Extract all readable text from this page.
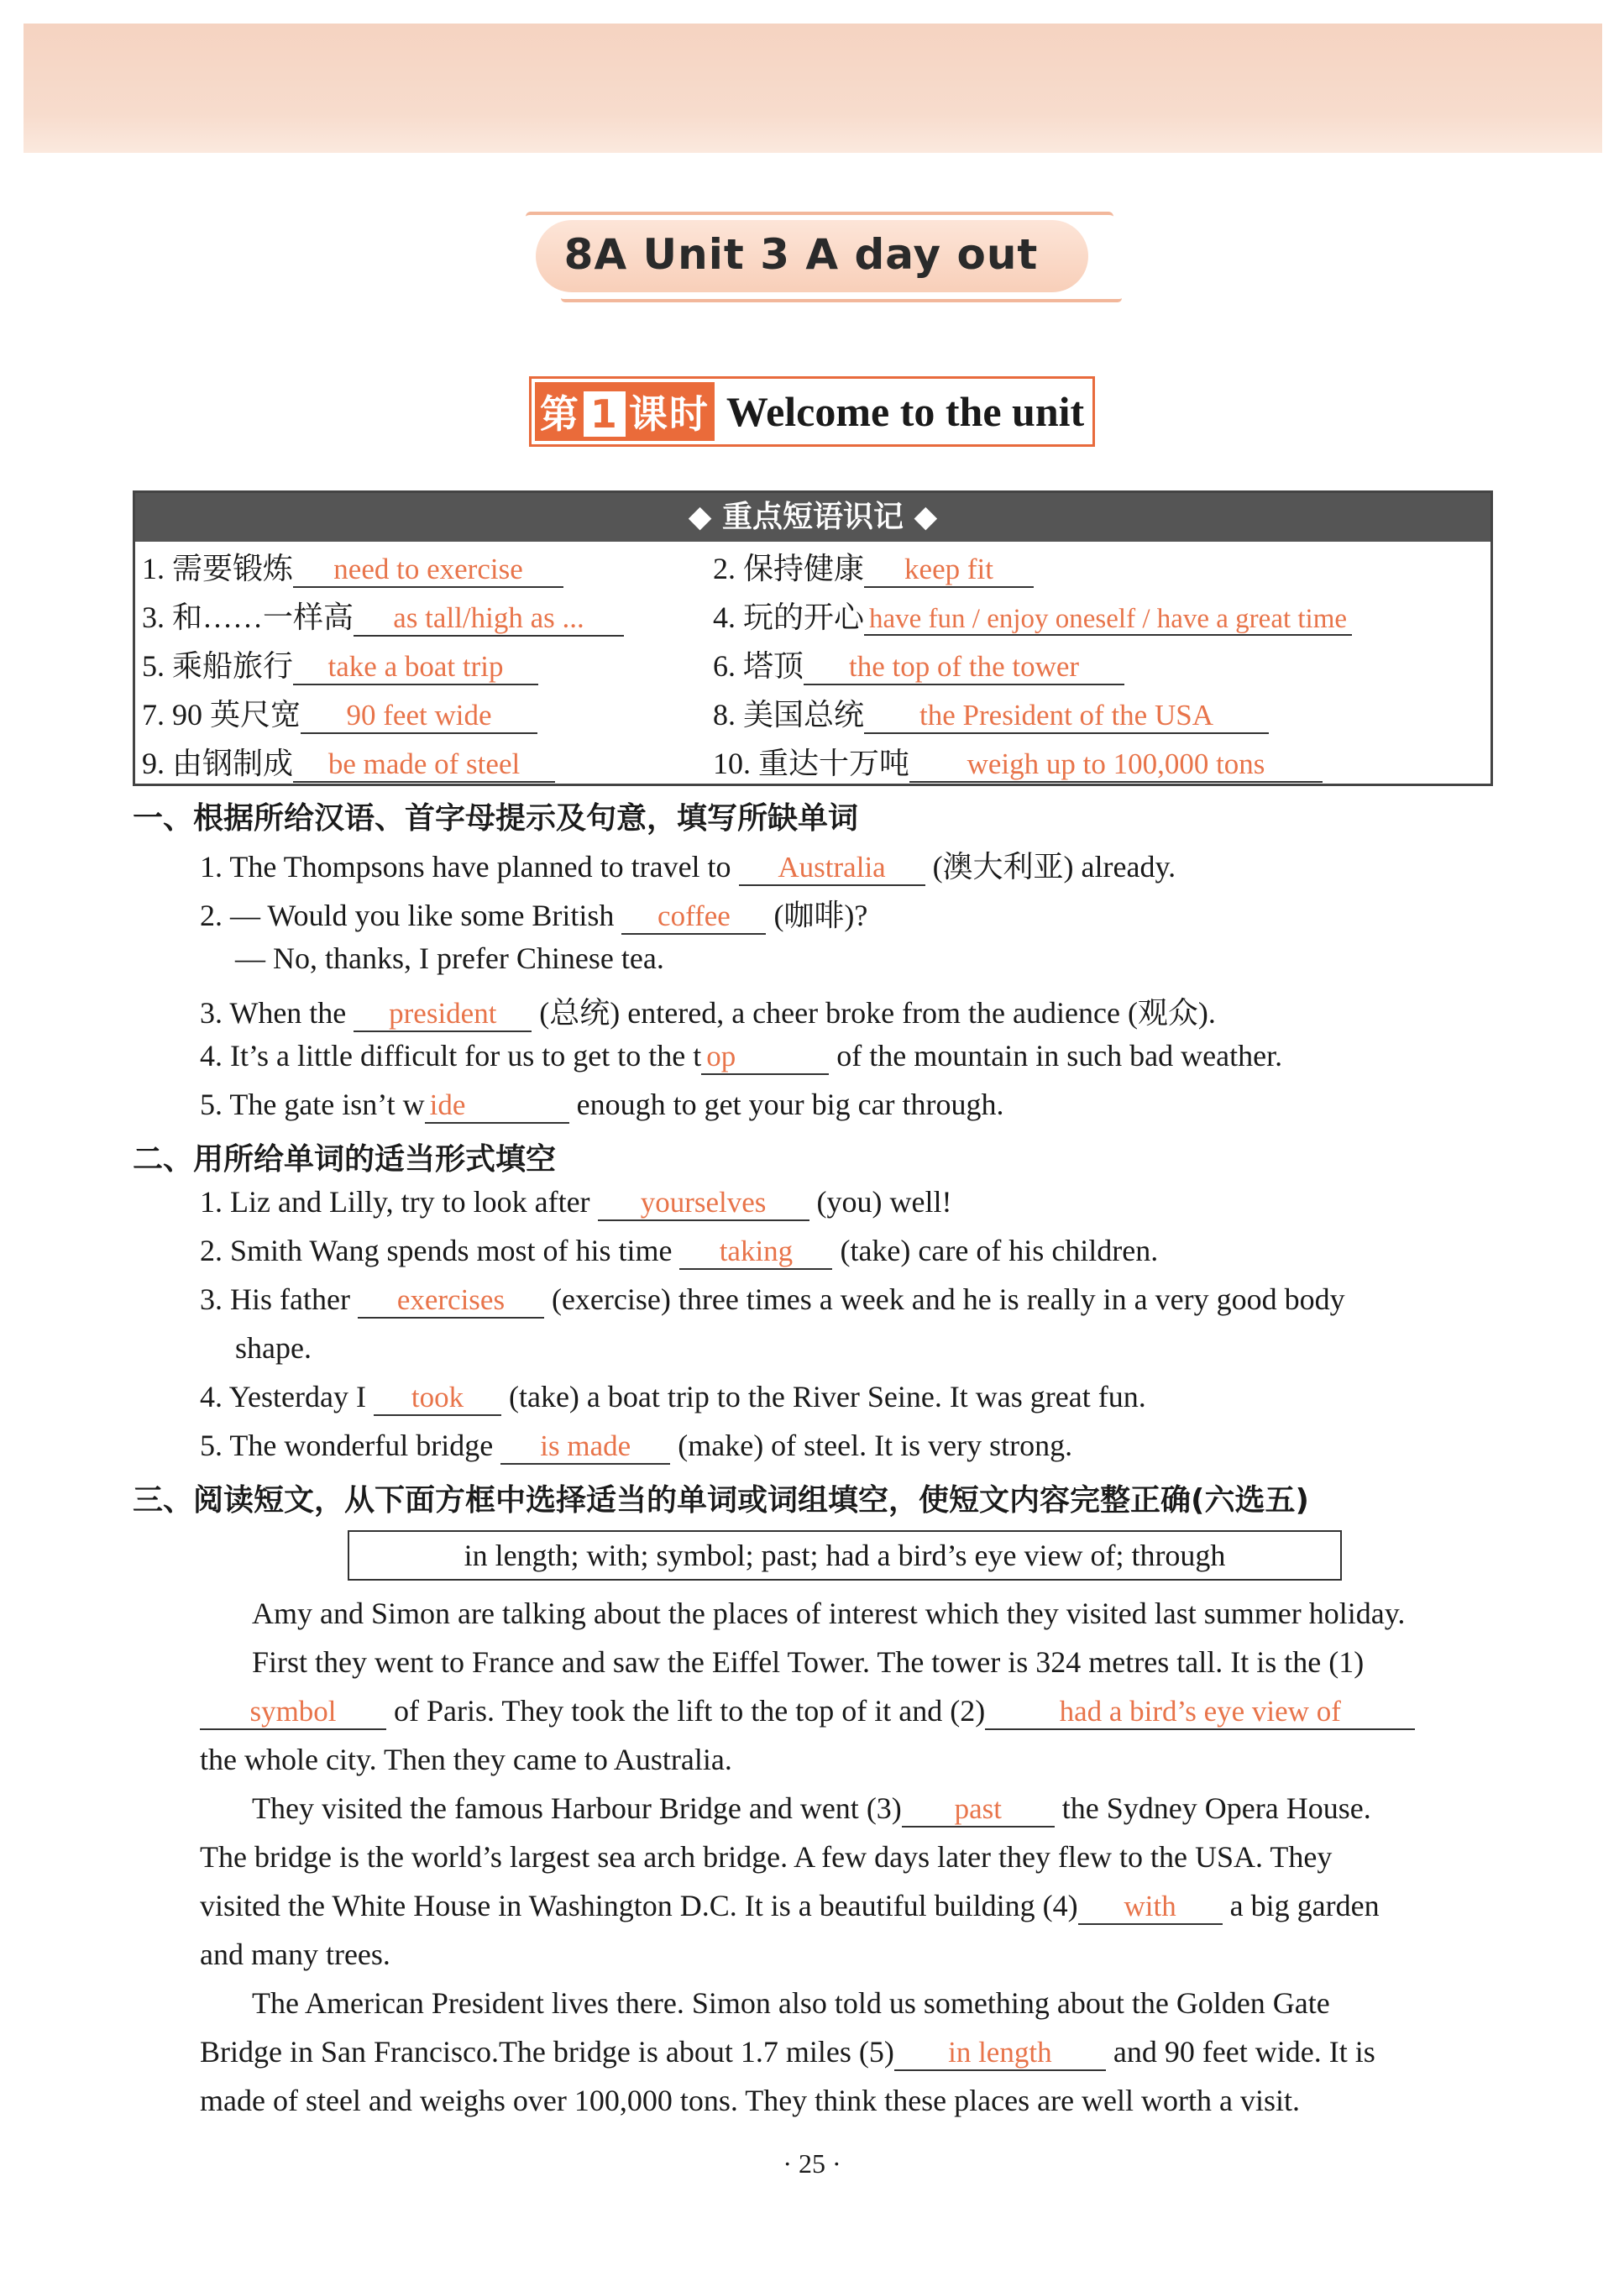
8A Unit 3 A day out
第 1 课时 Welcome to the unit
◆ 重点短语识记 ◆
1. 需要锻炼 need to exercise	2. 保持健康 keep fit
3. 和……一样高 as tall/high as ...	4. 玩的开心 have fun / enjoy oneself / have a great time
5. 乘船旅行 take a boat trip	6. 塔顶 the top of the tower
7. 90 英尺宽 90 feet wide	8. 美国总统 the President of the USA
9. 由钢制成 be made of steel	10. 重达十万吨 weigh up to 100,000 tons
一、根据所给汉语、首字母提示及句意，填写所缺单词
1. The Thompsons have planned to travel to Australia (澳大利亚) already.
2. — Would you like some British coffee (咖啡)?
— No, thanks, I prefer Chinese tea.
3. When the president (总统) entered, a cheer broke from the audience (观众).
4. It’s a little difficult for us to get to the t op	of the mountain in such bad weather.
5. The gate isn’t w ide	enough to get your big car through.
二、用所给单词的适当形式填空
1. Liz and Lilly, try to look after yourselves (you) well!
2. Smith Wang spends most of his time taking (take) care of his children.
3. His father exercises (exercise) three times a week and he is really in a very good body
shape.
4. Yesterday I took (take) a boat trip to the River Seine. It was great fun.
5. The wonderful bridge is made (make) of steel. It is very strong.
三、阅读短文，从下面方框中选择适当的单词或词组填空，使短文内容完整正确(六选五)
in length; with; symbol; past; had a bird’s eye view of; through
Amy and Simon are talking about the places of interest which they visited last summer holiday.
First they went to France and saw the Eiffel Tower. The tower is 324 metres tall. It is the (1)
symbol of Paris. They took the lift to the top of it and (2)	had a bird’s eye view of
the whole city. Then they came to Australia.
They visited the famous Harbour Bridge and went (3) past the Sydney Opera House.
The bridge is the world’s largest sea arch bridge. A few days later they flew to the USA. They
visited the White House in Washington D.C. It is a beautiful building (4) with a big garden
and many trees.
The American President lives there. Simon also told us something about the Golden Gate
Bridge in San Francisco.The bridge is about 1.7 miles (5) in length and 90 feet wide. It is
made of steel and weighs over 100,000 tons. They think these places are well worth a visit.
· 25 ·
